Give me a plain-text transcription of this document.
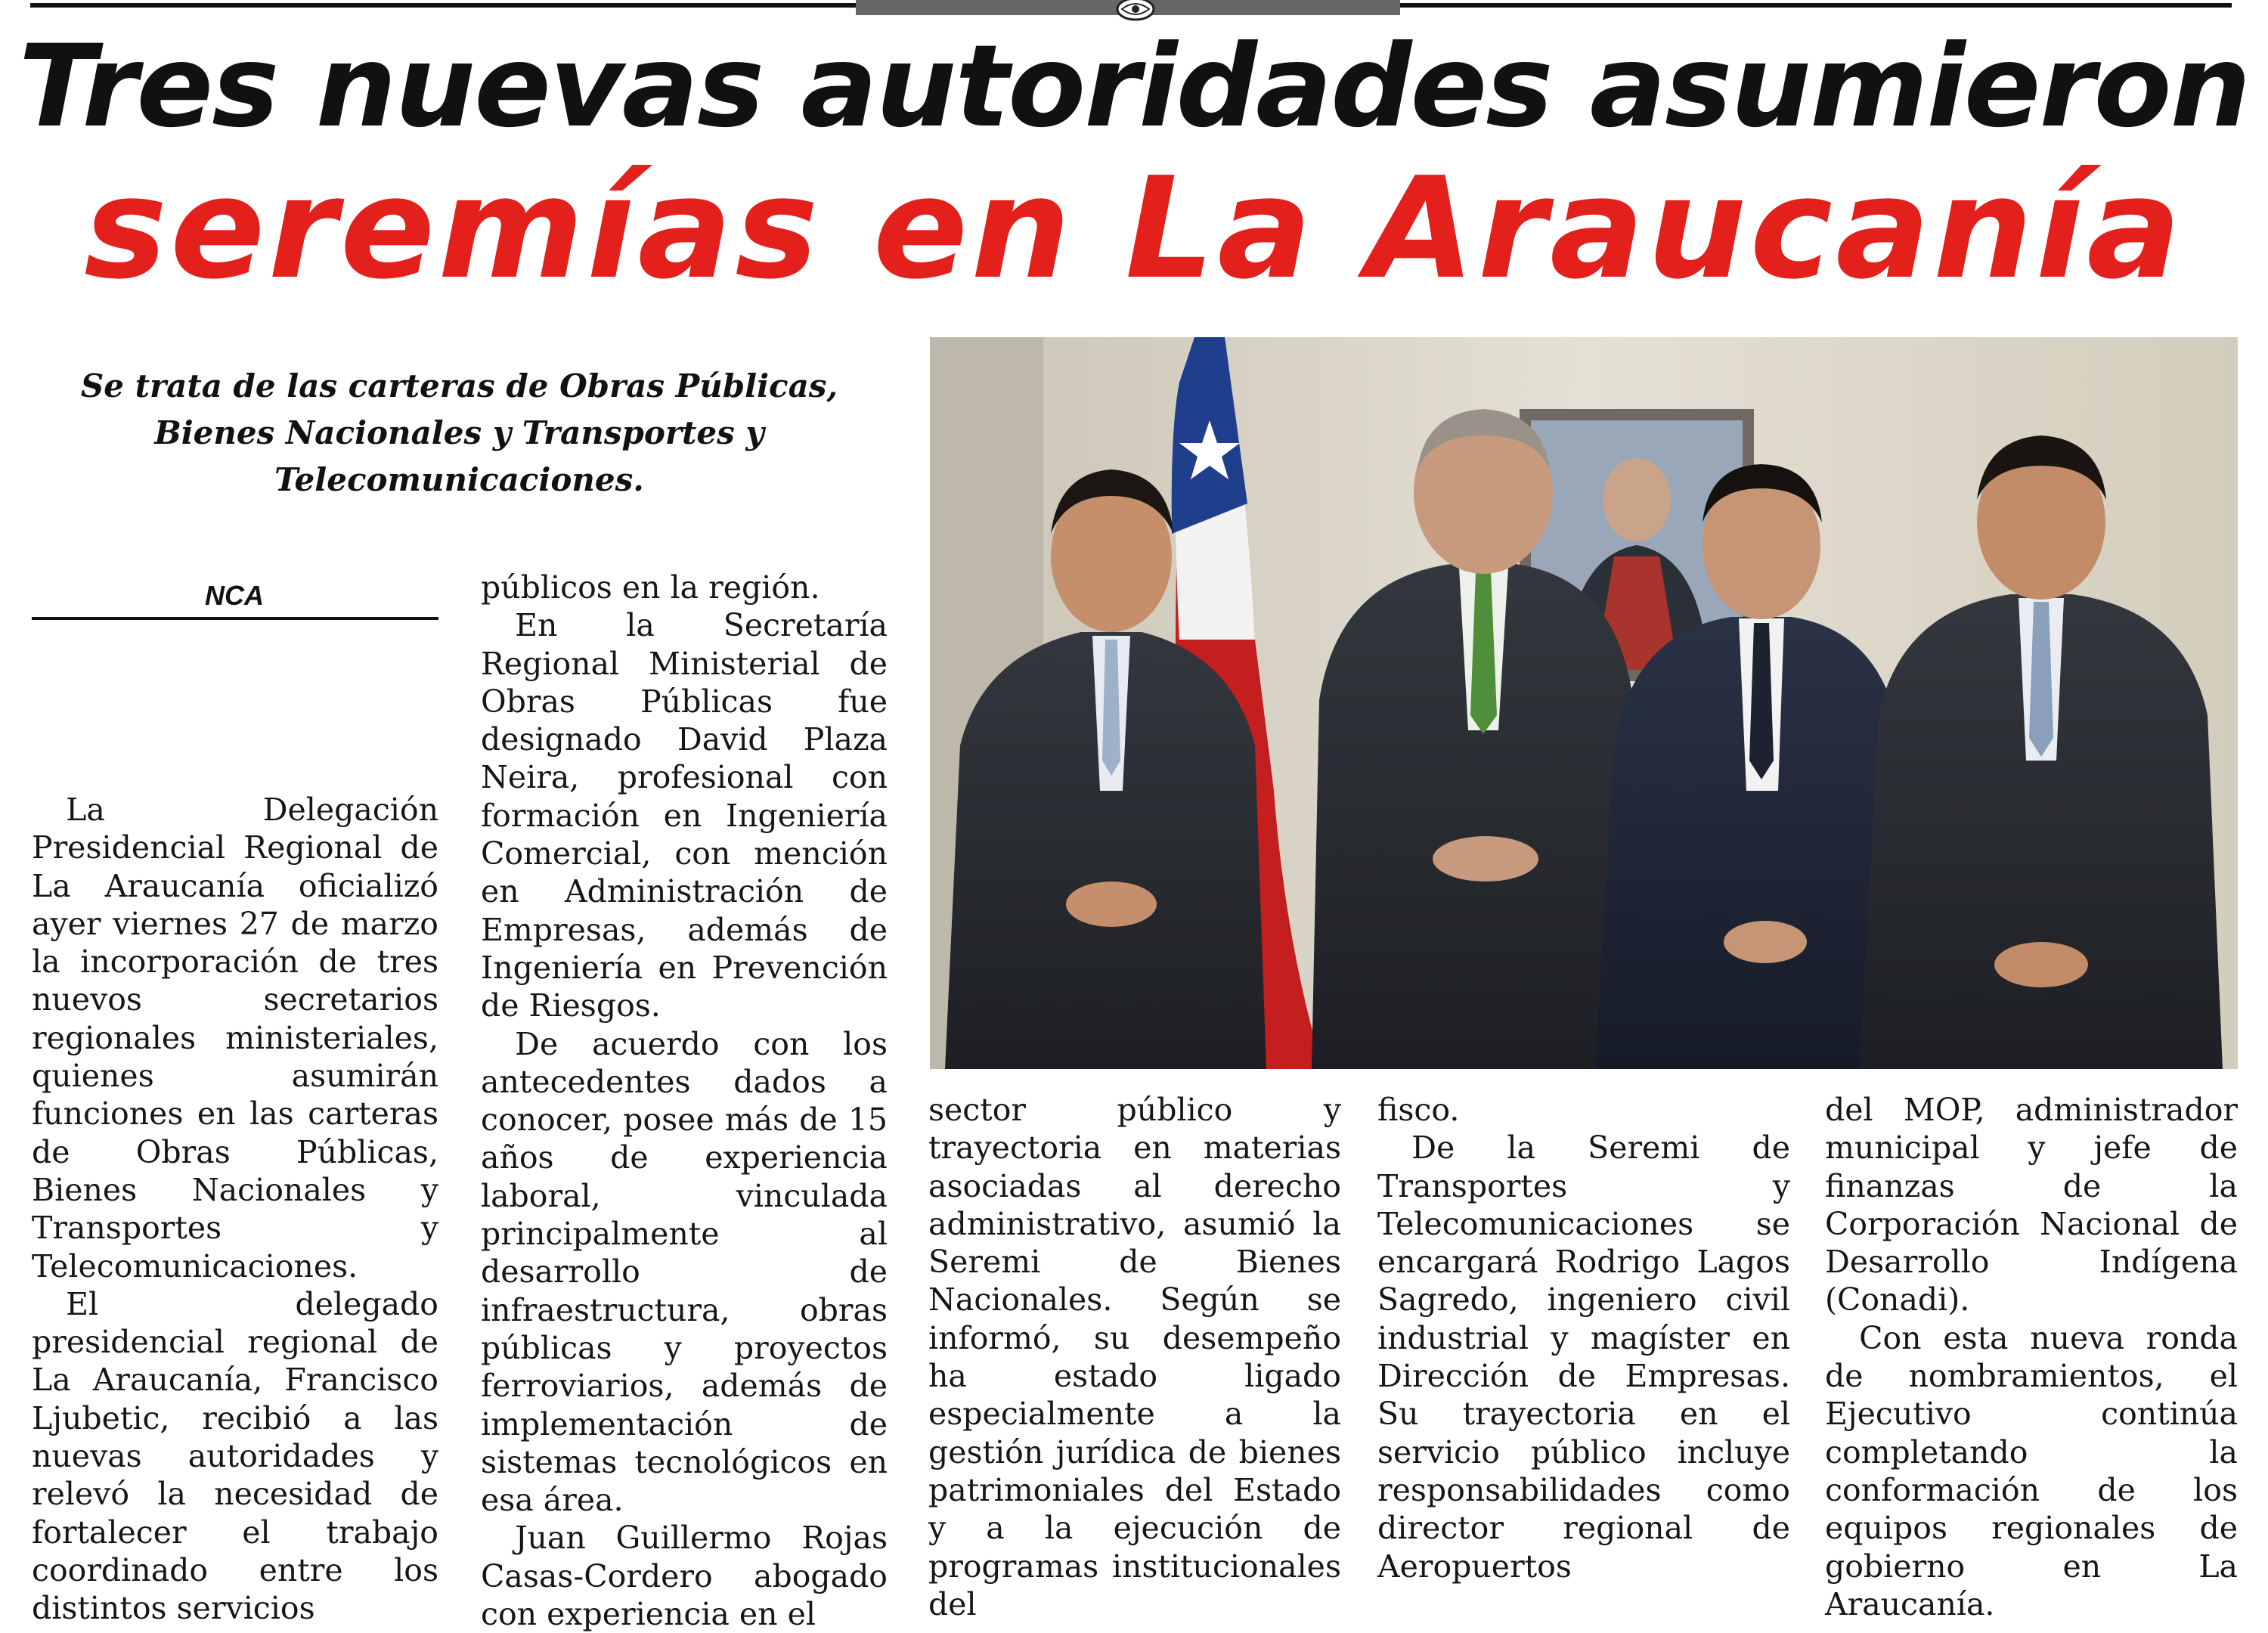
Tres nuevas autoridades asumieron
seremías en La Araucanía
Se trata de las carteras de Obras Públicas,
Bienes Nacionales y Transportes y
Telecomunicaciones.
NCA

La Delegación Presidencial Regional de La Araucanía oficializó ayer viernes 27 de marzo la incorporación de tres nuevos secretarios regionales ministeriales, quienes asumirán funciones en las carteras de Obras Públicas, Bienes Nacionales y Transportes y Telecomunicaciones.

El delegado presidencial regional de La Araucanía, Francisco Ljubetic, recibió a las nuevas autoridades y relevó la necesidad de fortalecer el trabajo coordinado entre los distintos servicios

públicos en la región.

En la Secretaría Regional Ministerial de Obras Públicas fue designado David Plaza Neira, profesional con formación en Ingeniería Comercial, con mención en Administración de Empresas, además de Ingeniería en Prevención de Riesgos.

De acuerdo con los antecedentes dados a conocer, posee más de 15 años de experiencia laboral, vinculada principalmente al desarrollo de infraestructura, obras públicas y proyectos ferroviarios, además de implementación de sistemas tecnológicos en esa área.

Juan Guillermo Rojas Casas-Cordero abogado con experiencia en el

sector público y trayectoria en materias asociadas al derecho administrativo, asumió la Seremi de Bienes Nacionales. Según se informó, su desempeño ha estado ligado especialmente a la gestión jurídica de bienes patrimoniales del Estado y a la ejecución de programas institucionales del

fisco.

De la Seremi de Transportes y Telecomunicaciones se encargará Rodrigo Lagos Sagredo, ingeniero civil industrial y magíster en Dirección de Empresas. Su trayectoria en el servicio público incluye responsabilidades como director regional de Aeropuertos

del MOP, administrador municipal y jefe de finanzas de la Corporación Nacional de Desarrollo Indígena (Conadi).

Con esta nueva ronda de nombramientos, el Ejecutivo continúa completando la conformación de los equipos regionales de gobierno en La Araucanía.
